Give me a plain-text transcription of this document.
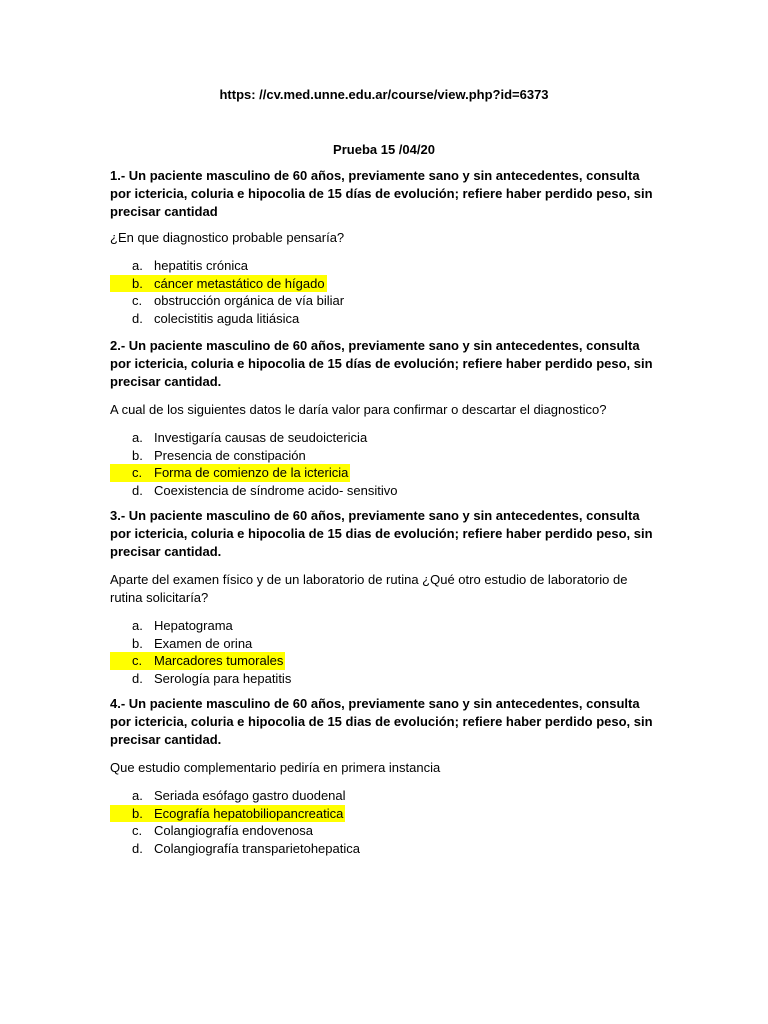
https: //cv.med.unne.edu.ar/course/view.php?id=6373
Prueba 15 /04/20

1.- Un paciente masculino de 60 años, previamente sano y sin antecedentes, consulta por ictericia, coluria e hipocolia de 15 días de evolución; refiere haber perdido peso, sin precisar cantidad

¿En que diagnostico probable pensaría?

a. hepatitis crónica
b. cáncer metastático de hígado
c. obstrucción orgánica de vía biliar
d. colecistitis aguda litiásica

2.- Un paciente masculino de 60 años, previamente sano y sin antecedentes, consulta por ictericia, coluria e hipocolia de 15 días de evolución; refiere haber perdido peso, sin precisar cantidad.

A cual de los siguientes datos le daría valor para confirmar o descartar el diagnostico?

a. Investigaría causas de seudoictericia
b. Presencia de constipación
c. Forma de comienzo de la ictericia
d. Coexistencia de síndrome acido- sensitivo

3.- Un paciente masculino de 60 años, previamente sano y sin antecedentes, consulta por ictericia, coluria e hipocolia de 15 dias de evolución; refiere haber perdido peso, sin precisar cantidad.

Aparte del examen físico y de un laboratorio de rutina ¿Qué otro estudio de laboratorio de rutina solicitaría?

a. Hepatograma
b. Examen de orina
c. Marcadores tumorales
d. Serología para hepatitis

4.- Un paciente masculino de 60 años, previamente sano y sin antecedentes, consulta por ictericia, coluria e hipocolia de 15 dias de evolución; refiere haber perdido peso, sin precisar cantidad.

Que estudio complementario pediría en primera instancia

a. Seriada esófago gastro duodenal
b. Ecografía hepatobiliopancreatica
c. Colangiografía endovenosa
d. Colangiografía transparietohepatica
